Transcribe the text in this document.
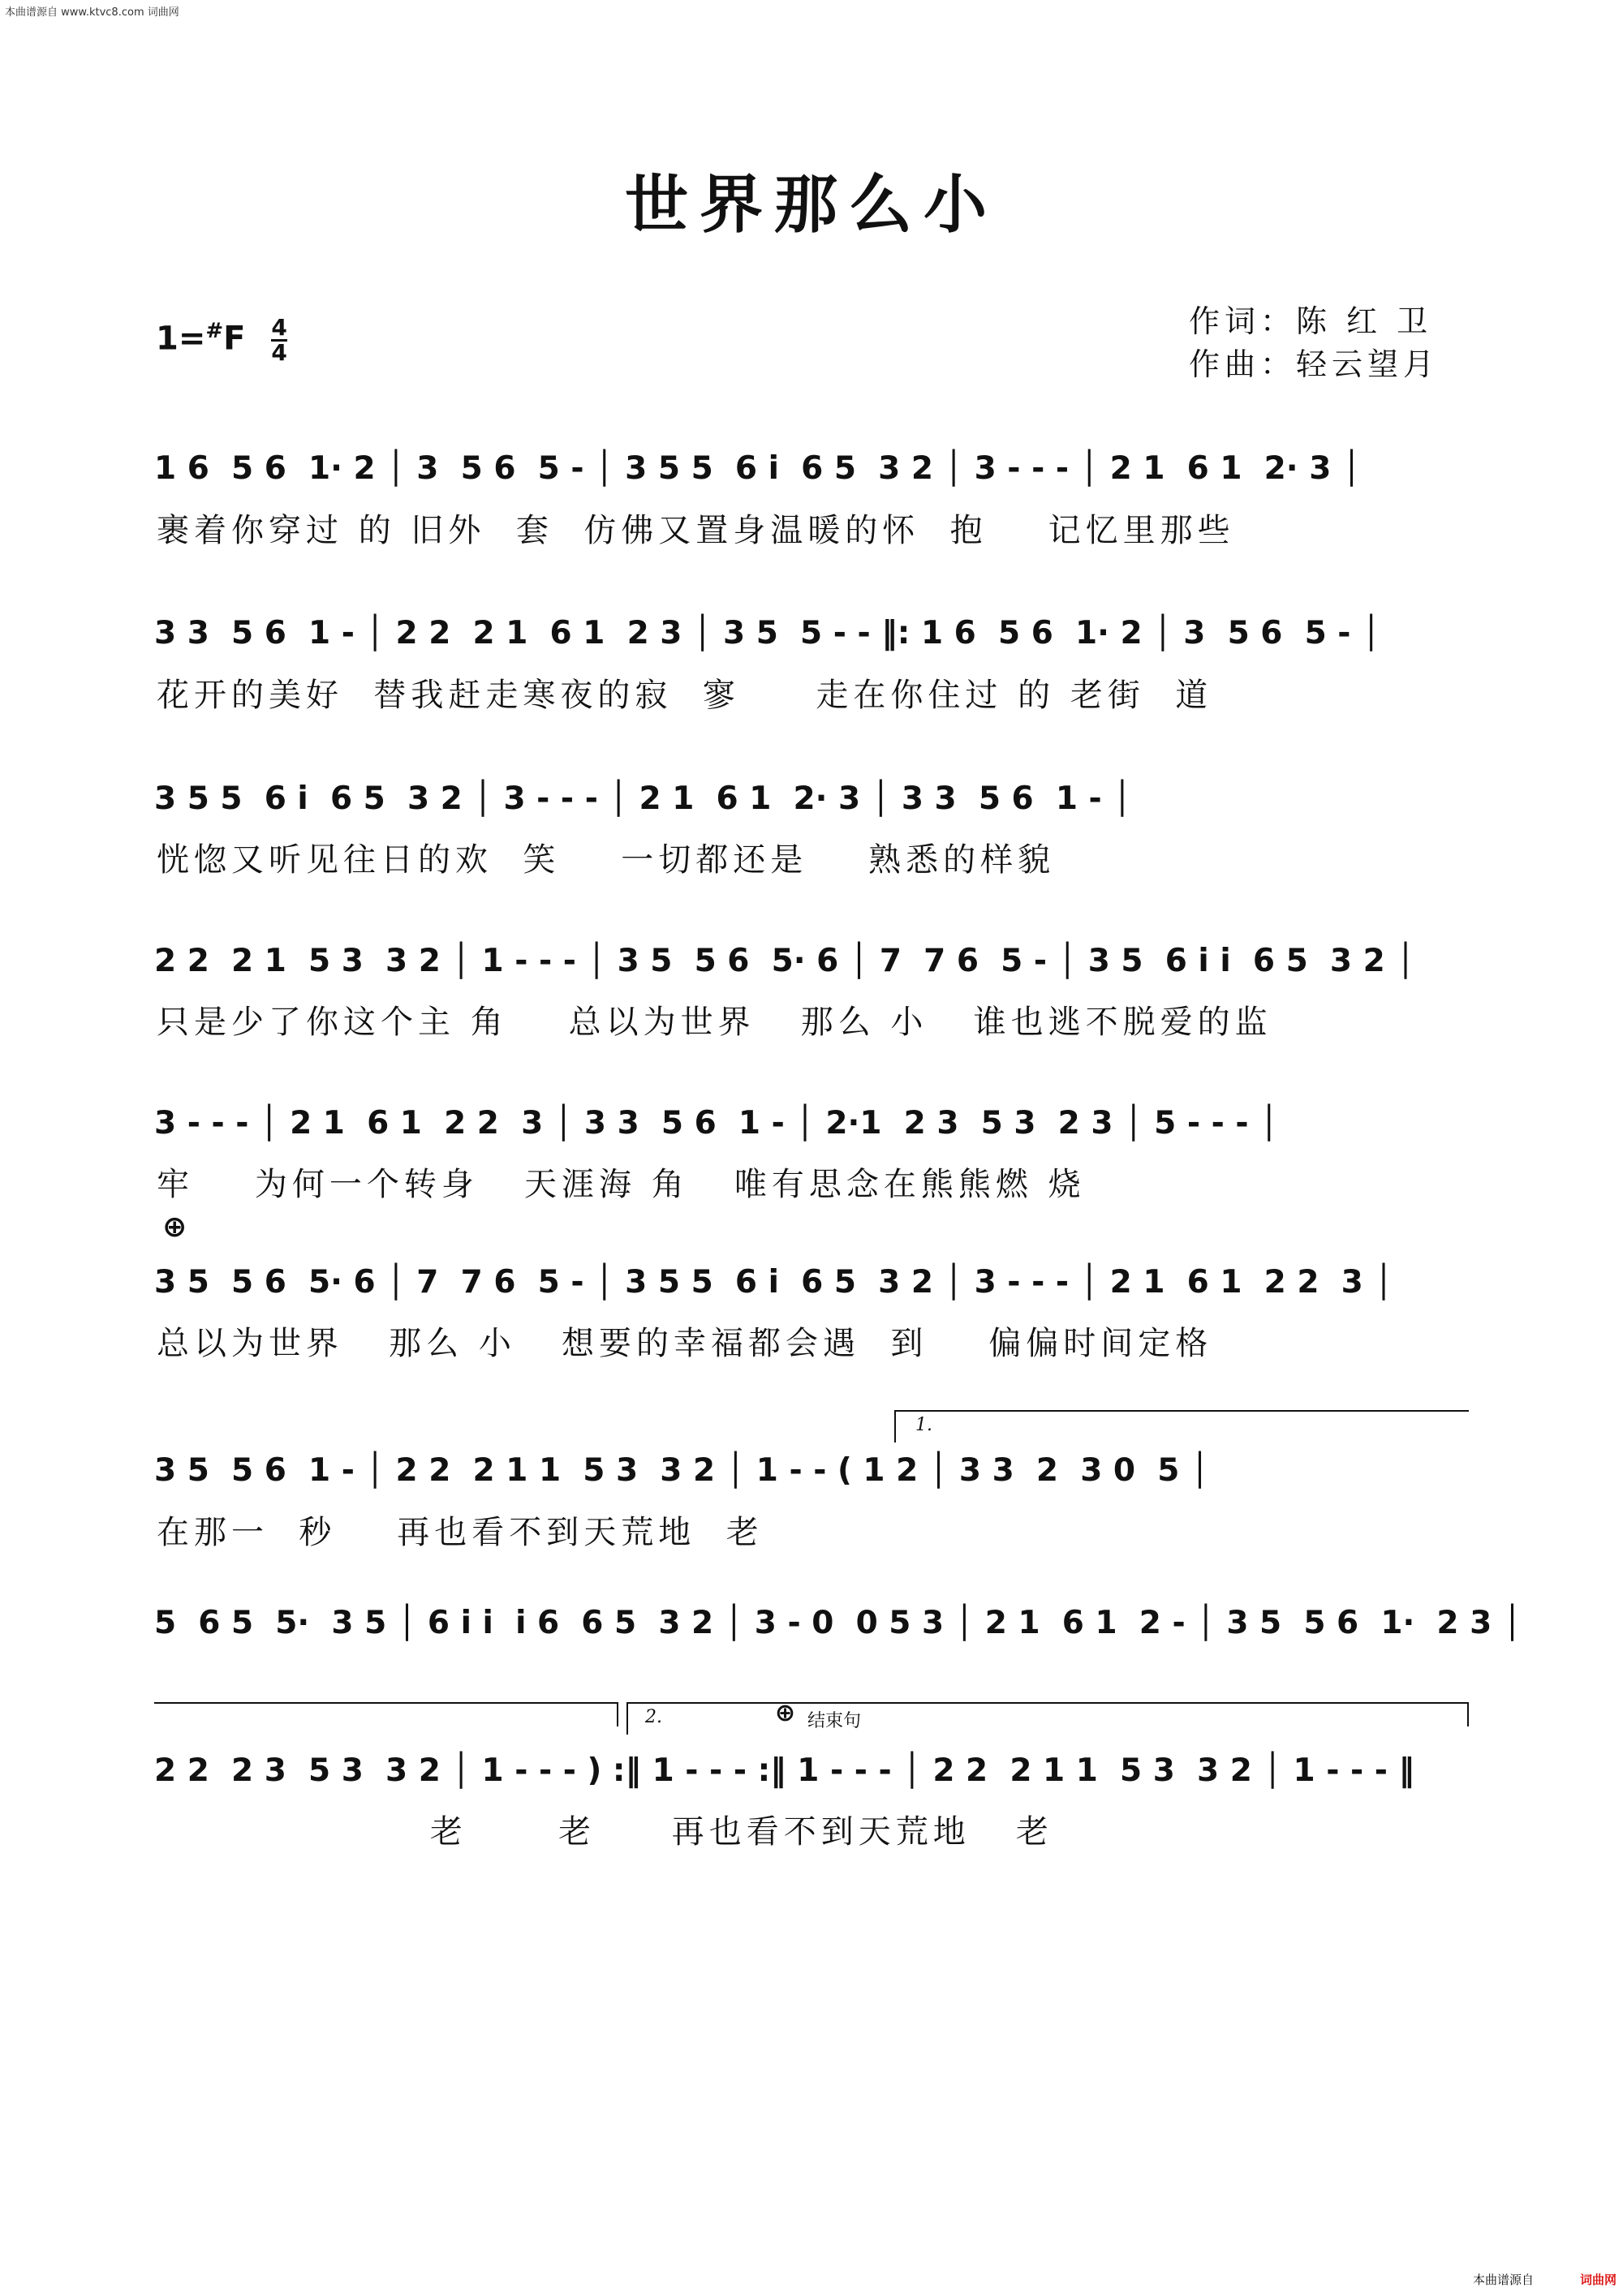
本曲谱源自 www.ktvc8.com 词曲网
世界那么小
$1=^{\#}F \frac{4}{4}$	作词：陈 红 卫
作曲：轻云望月
1 6  5 6  1· 2 │ 3  5 6  5 - │ 3 5 5  6 i  6 5  3 2 │ 3 - - - │ 2 1  6 1  2· 3 │
裹着你穿过 的 旧外  套  仿佛又置身温暖的怀  抱    记忆里那些
3 3  5 6  1 - │ 2 2  2 1  6 1  2 3 │ 3 5  5 - - ‖: 1 6  5 6  1· 2 │ 3  5 6  5 - │
花开的美好  替我赶走寒夜的寂  寥     走在你住过 的 老街  道
3 5 5  6 i  6 5  3 2 │ 3 - - - │ 2 1  6 1  2· 3 │ 3 3  5 6  1 - │
恍惚又听见往日的欢  笑    一切都还是    熟悉的样貌
2 2  2 1  5 3  3 2 │ 1 - - - │ 3 5  5 6  5· 6 │ 7  7 6  5 - │ 3 5  6 i i  6 5  3 2 │
只是少了你这个主 角    总以为世界   那么 小   谁也逃不脱爱的监
3 - - - │ 2 1  6 1  2 2  3 │ 3 3  5 6  1 - │ 2·1  2 3  5 3  2 3 │ 5 - - - │
牢    为何一个转身   天涯海 角   唯有思念在熊熊燃 烧
⊕
3 5  5 6  5· 6 │ 7  7 6  5 - │ 3 5 5  6 i  6 5  3 2 │ 3 - - - │ 2 1  6 1  2 2  3 │
总以为世界   那么 小   想要的幸福都会遇  到    偏偏时间定格
1.
3 5  5 6  1 - │ 2 2  2 1 1  5 3  3 2 │ 1 - - ( 1 2 │ 3 3  2  3 0  5 │
在那一  秒    再也看不到天荒地  老
5  6 5  5·  3 5 │ 6 i i  i 6  6 5  3 2 │ 3 - 0  0 5 3 │ 2 1  6 1  2 - │ 3 5  5 6  1·  2 3 │
2.	⊕ 结束句
2 2  2 3  5 3  3 2 │ 1 - - - ) :‖ 1 - - - :‖ 1 - - - │ 2 2  2 1 1  5 3  3 2 │ 1 - - - ‖
老      老     再也看不到天荒地   老
本曲谱源自	词曲网
